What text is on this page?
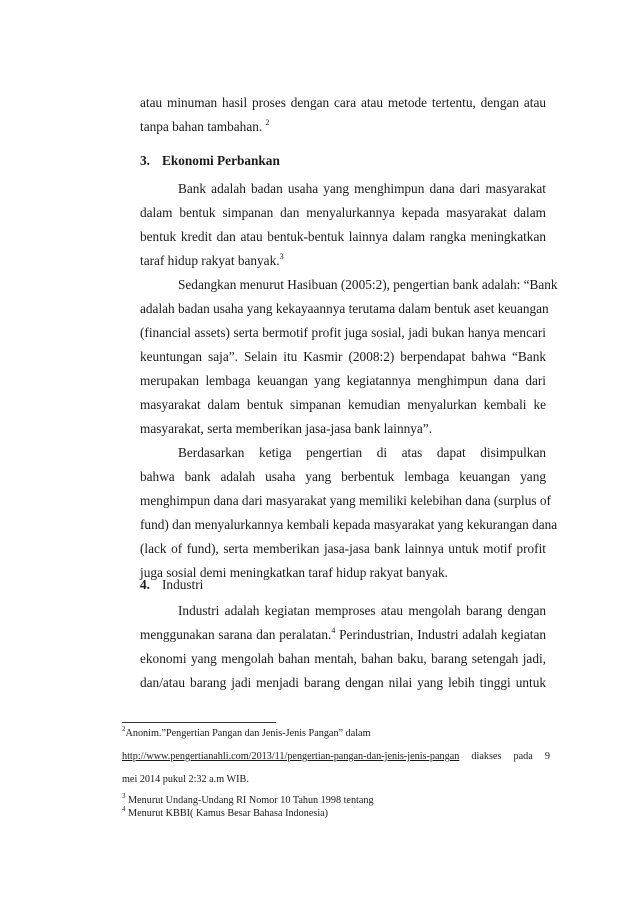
atau minuman hasil proses dengan cara atau metode tertentu, dengan atau
tanpa bahan tambahan. $^2$
3. Ekonomi Perbankan
Bank adalah badan usaha yang menghimpun dana dari masyarakat
dalam bentuk simpanan dan menyalurkannya kepada masyarakat dalam
bentuk kredit dan atau bentuk-bentuk lainnya dalam rangka meningkatkan
taraf hidup rakyat banyak.$^3$
Sedangkan menurut Hasibuan (2005:2), pengertian bank adalah: “Bank
adalah badan usaha yang kekayaannya terutama dalam bentuk aset keuangan
(financial assets) serta bermotif profit juga sosial, jadi bukan hanya mencari
keuntungan saja”. Selain itu Kasmir (2008:2) berpendapat bahwa “Bank
merupakan lembaga keuangan yang kegiatannya menghimpun dana dari
masyarakat dalam bentuk simpanan kemudian menyalurkan kembali ke
masyarakat, serta memberikan jasa-jasa bank lainnya”.
Berdasarkan ketiga pengertian di atas dapat disimpulkan
bahwa bank adalah usaha yang berbentuk lembaga keuangan yang
menghimpun dana dari masyarakat yang memiliki kelebihan dana (surplus of
fund) dan menyalurkannya kembali kepada masyarakat yang kekurangan dana
(lack of fund), serta memberikan jasa-jasa bank lainnya untuk motif profit
juga sosial demi meningkatkan taraf hidup rakyat banyak.
4. Industri
Industri adalah kegiatan memproses atau mengolah barang dengan
menggunakan sarana dan peralatan.$^4$ Perindustrian, Industri adalah kegiatan
ekonomi yang mengolah bahan mentah, bahan baku, barang setengah jadi,
dan/atau barang jadi menjadi barang dengan nilai yang lebih tinggi untuk
$^2$Anonim.”Pengertian Pangan dan Jenis-Jenis Pangan” dalam
http://www.pengertianahli.com/2013/11/pengertian-pangan-dan-jenis-jenis-pangan diakses pada 9
mei 2014 pukul 2:32 a.m WIB.
$^3$ Menurut Undang-Undang RI Nomor 10 Tahun 1998 tentang
$^4$ Menurut KBBI( Kamus Besar Bahasa Indonesia)
